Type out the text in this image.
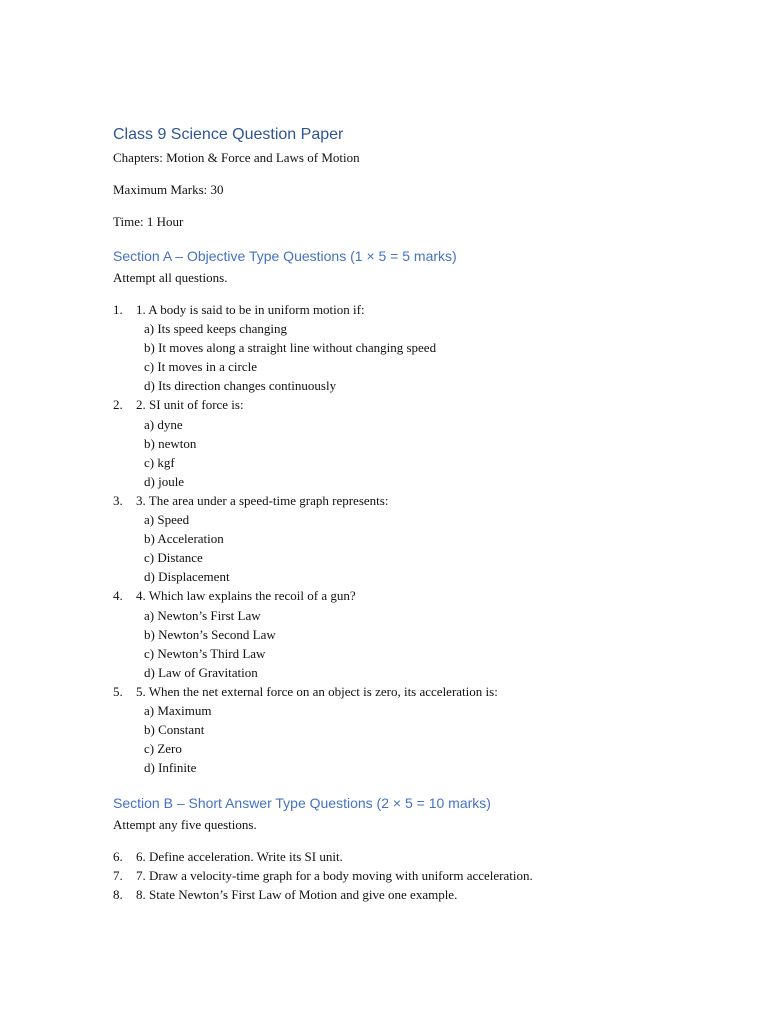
Class 9 Science Question Paper
Chapters: Motion & Force and Laws of Motion
Maximum Marks: 30
Time: 1 Hour
Section A – Objective Type Questions (1 × 5 = 5 marks)
Attempt all questions.
1. 1. A body is said to be in uniform motion if:
a) Its speed keeps changing
b) It moves along a straight line without changing speed
c) It moves in a circle
d) Its direction changes continuously
2. 2. SI unit of force is:
a) dyne
b) newton
c) kgf
d) joule
3. 3. The area under a speed-time graph represents:
a) Speed
b) Acceleration
c) Distance
d) Displacement
4. 4. Which law explains the recoil of a gun?
a) Newton’s First Law
b) Newton’s Second Law
c) Newton’s Third Law
d) Law of Gravitation
5. 5. When the net external force on an object is zero, its acceleration is:
a) Maximum
b) Constant
c) Zero
d) Infinite
Section B – Short Answer Type Questions (2 × 5 = 10 marks)
Attempt any five questions.
6. 6. Define acceleration. Write its SI unit.
7. 7. Draw a velocity-time graph for a body moving with uniform acceleration.
8. 8. State Newton’s First Law of Motion and give one example.
